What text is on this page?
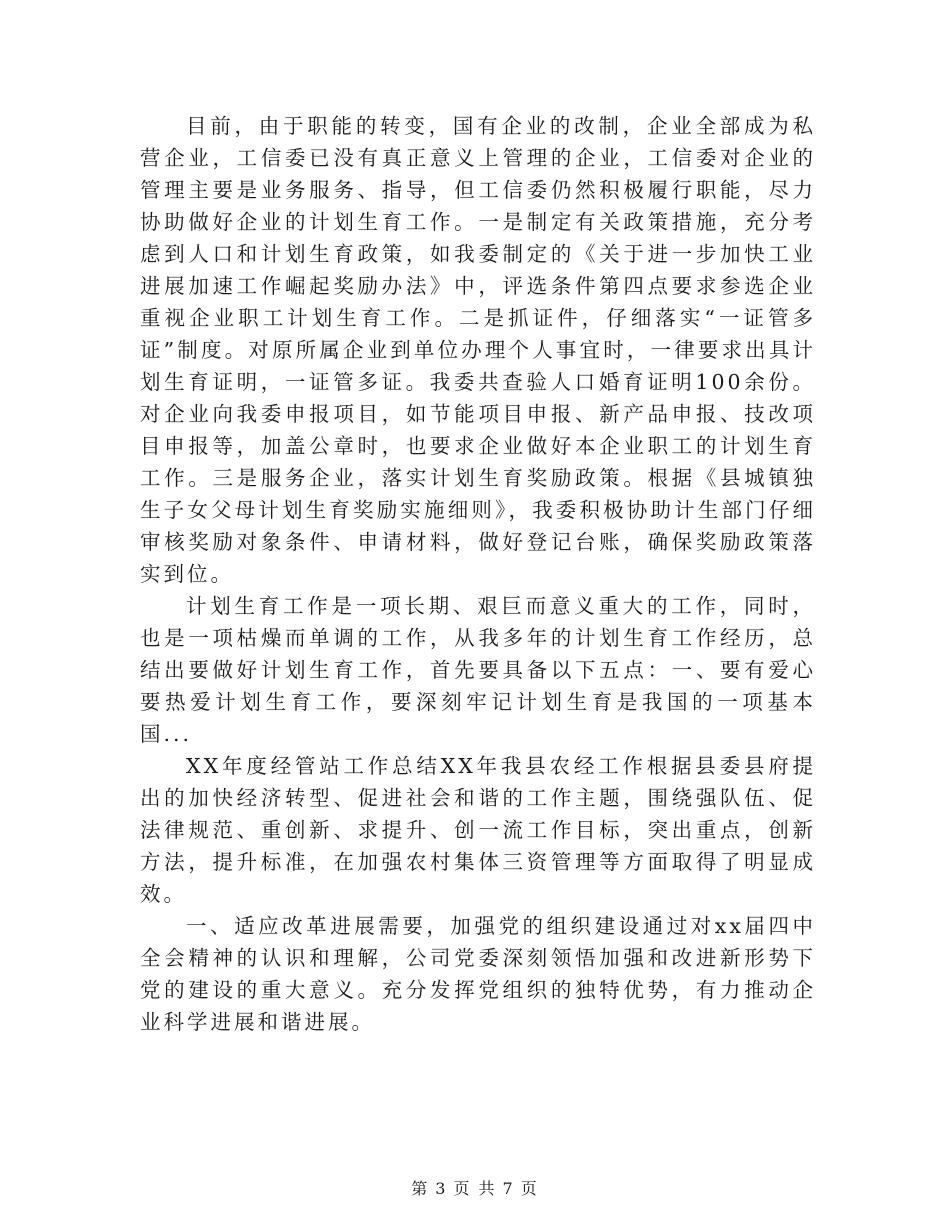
目前，由于职能的转变，国有企业的改制，企业全部成为私营企业，工信委已没有真正意义上管理的企业，工信委对企业的管理主要是业务服务、指导，但工信委仍然积极履行职能，尽力协助做好企业的计划生育工作。一是制定有关政策措施，充分考虑到人口和计划生育政策，如我委制定的《关于进一步加快工业进展加速工作崛起奖励办法》中，评选条件第四点要求参选企业重视企业职工计划生育工作。二是抓证件，仔细落实“一证管多证”制度。对原所属企业到单位办理个人事宜时，一律要求出具计划生育证明，一证管多证。我委共查验人口婚育证明100余份。对企业向我委申报项目，如节能项目申报、新产品申报、技改项目申报等，加盖公章时，也要求企业做好本企业职工的计划生育工作。三是服务企业，落实计划生育奖励政策。根据《县城镇独生子女父母计划生育奖励实施细则》，我委积极协助计生部门仔细审核奖励对象条件、申请材料，做好登记台账，确保奖励政策落实到位。

计划生育工作是一项长期、艰巨而意义重大的工作，同时，也是一项枯燥而单调的工作，从我多年的计划生育工作经历，总结出要做好计划生育工作，首先要具备以下五点：一、要有爱心要热爱计划生育工作，要深刻牢记计划生育是我国的一项基本国...

XX年度经管站工作总结XX年我县农经工作根据县委县府提出的加快经济转型、促进社会和谐的工作主题，围绕强队伍、促法律规范、重创新、求提升、创一流工作目标，突出重点，创新方法，提升标准，在加强农村集体三资管理等方面取得了明显成效。

一、适应改革进展需要，加强党的组织建设通过对xx届四中全会精神的认识和理解，公司党委深刻领悟加强和改进新形势下党的建设的重大意义。充分发挥党组织的独特优势，有力推动企业科学进展和谐进展。

第 3 页 共 7 页
